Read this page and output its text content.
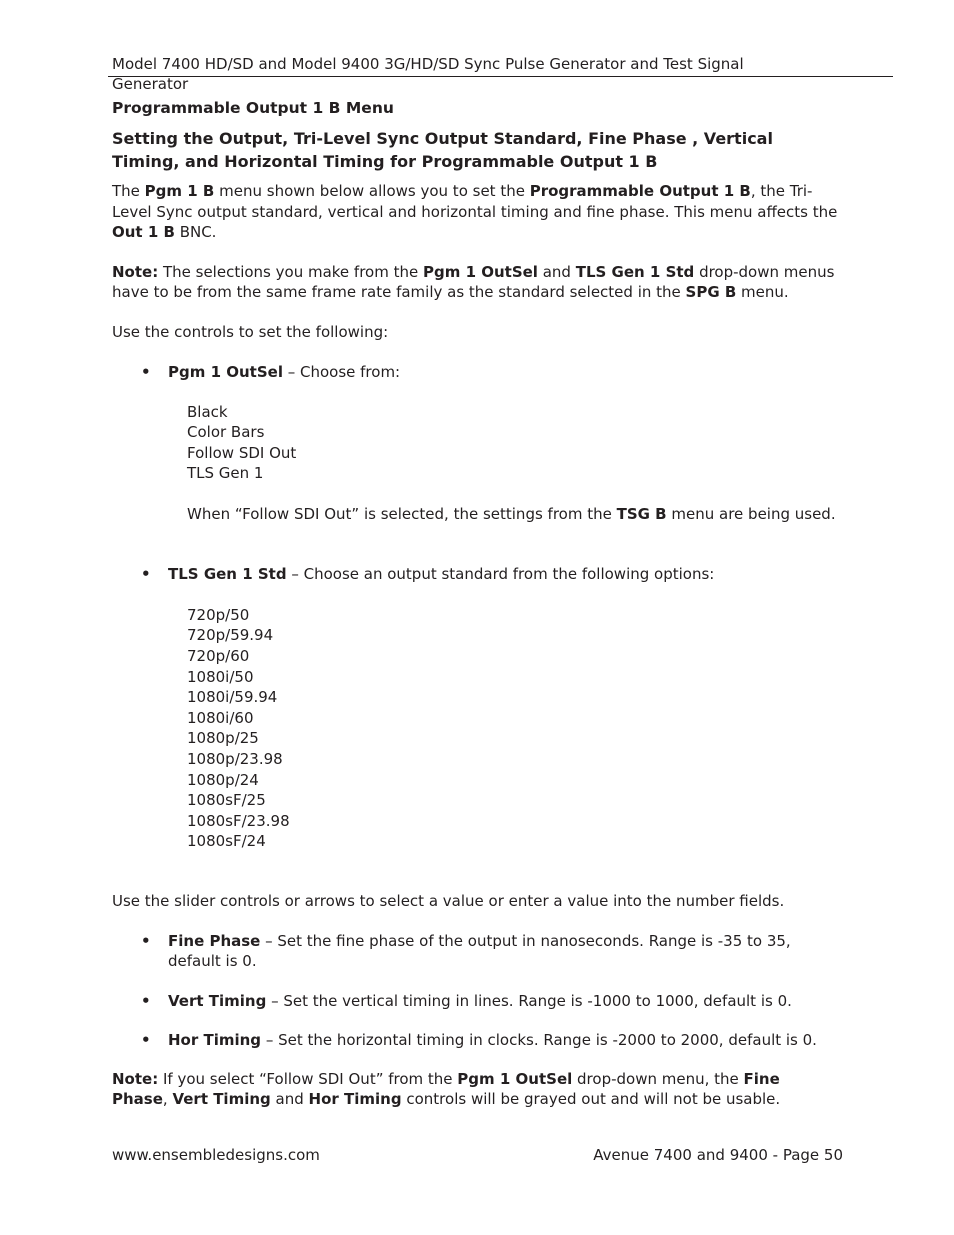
Model 7400 HD/SD and Model 9400 3G/HD/SD Sync Pulse Generator and Test Signal Generator
Programmable Output 1 B Menu
Setting the Output, Tri-Level Sync Output Standard, Fine Phase , Vertical Timing, and Horizontal Timing for Programmable Output 1 B

The Pgm 1 B menu shown below allows you to set the Programmable Output 1 B, the Tri-Level Sync output standard, vertical and horizontal timing and fine phase. This menu affects the Out 1 B BNC.

Note: The selections you make from the Pgm 1 OutSel and TLS Gen 1 Std drop-down menus have to be from the same frame rate family as the standard selected in the SPG B menu.

Use the controls to set the following:

• Pgm 1 OutSel – Choose from:
Black
Color Bars
Follow SDI Out
TLS Gen 1

When “Follow SDI Out” is selected, the settings from the TSG B menu are being used.

• TLS Gen 1 Std – Choose an output standard from the following options:
720p/50
720p/59.94
720p/60
1080i/50
1080i/59.94
1080i/60
1080p/25
1080p/23.98
1080p/24
1080sF/25
1080sF/23.98
1080sF/24

Use the slider controls or arrows to select a value or enter a value into the number fields.

• Fine Phase – Set the fine phase of the output in nanoseconds. Range is -35 to 35, default is 0.
• Vert Timing – Set the vertical timing in lines. Range is -1000 to 1000, default is 0.
• Hor Timing – Set the horizontal timing in clocks. Range is -2000 to 2000, default is 0.

Note: If you select “Follow SDI Out” from the Pgm 1 OutSel drop-down menu, the Fine Phase, Vert Timing and Hor Timing controls will be grayed out and will not be usable.

www.ensembledesigns.com	Avenue 7400 and 9400 - Page 50
